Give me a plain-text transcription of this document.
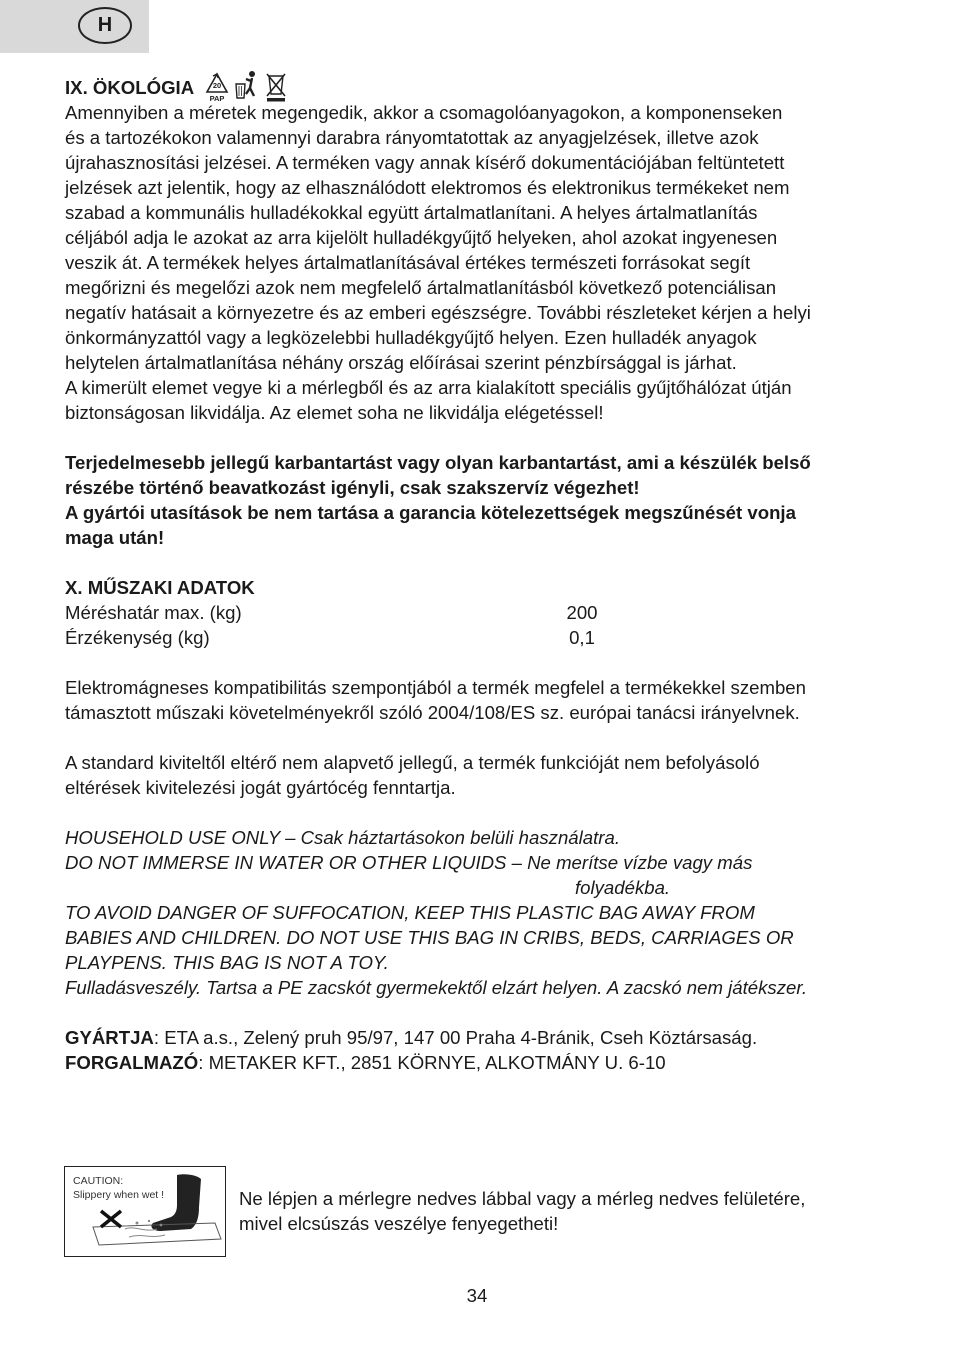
H
IX. ÖKOLÓGIA	20
PAP

Amennyiben a méretek megengedik, akkor a csomagolóanyagokon, a komponenseken

és a tartozékokon valamennyi darabra rányomtatottak az anyagjelzések, illetve azok

újrahasznosítási jelzései. A terméken vagy annak kísérő dokumentációjában feltüntetett

jelzések azt jelentik, hogy az elhasználódott elektromos és elektronikus termékeket nem

szabad a kommunális hulladékokkal együtt ártalmatlanítani. A helyes ártalmatlanítás

céljából adja le azokat az arra kijelölt hulladékgyűjtő helyeken, ahol azokat ingyenesen

veszik át. A termékek helyes ártalmatlanításával értékes természeti forrásokat segít

megőrizni és megelőzi azok nem megfelelő ártalmatlanításból következő potenciálisan

negatív hatásait a környezetre és az emberi egészségre. További részleteket kérjen a helyi

önkormányzattól vagy a legközelebbi hulladékgyűjtő helyen. Ezen hulladék anyagok

helytelen ártalmatlanítása néhány ország előírásai szerint pénzbírsággal is járhat.

A kimerült elemet vegye ki a mérlegből és az arra kialakított speciális gyűjtőhálózat útján

biztonságosan likvidálja. Az elemet soha ne likvidálja elégetéssel!

Terjedelmesebb jellegű karbantartást vagy olyan karbantartást, ami a készülék belső

részébe történő beavatkozást igényli, csak szakszervíz végezhet!

A gyártói utasítások be nem tartása a garancia kötelezettségek megszűnését vonja

maga után!

X. MŰSZAKI ADATOK

Méréshatár max. (kg)	200
Érzékenység (kg)	0,1

Elektromágneses kompatibilitás szempontjából a termék megfelel a termékekkel szemben

támasztott műszaki követelményekről szóló 2004/108/ES sz. európai tanácsi irányelvnek.

A standard kiviteltől eltérő nem alapvető jellegű, a termék funkcióját nem befolyásoló

eltérések kivitelezési jogát gyártócég fenntartja.

HOUSEHOLD USE ONLY – Csak háztartásokon belüli használatra.

DO NOT IMMERSE IN WATER OR OTHER LIQUIDS – Ne merítse vízbe vagy más

folyadékba.

TO AVOID DANGER OF SUFFOCATION, KEEP THIS PLASTIC BAG AWAY FROM

BABIES AND CHILDREN. DO NOT USE THIS BAG IN CRIBS, BEDS, CARRIAGES OR

PLAYPENS. THIS BAG IS NOT A TOY.

Fulladásveszély. Tartsa a PE zacskót gyermekektől elzárt helyen. A zacskó nem játékszer.

GYÁRTJA: ETA a.s., Zelený pruh 95/97, 147 00 Praha 4-Bránik, Cseh Köztársaság.

FORGALMAZÓ: METAKER KFT., 2851 KÖRNYE, ALKOTMÁNY U. 6-10

CAUTION:
Slippery when wet !	Ne lépjen a mérlegre nedves lábbal vagy a mérleg nedves felületére,

mivel elcsúszás veszélye fenyegetheti!

34
